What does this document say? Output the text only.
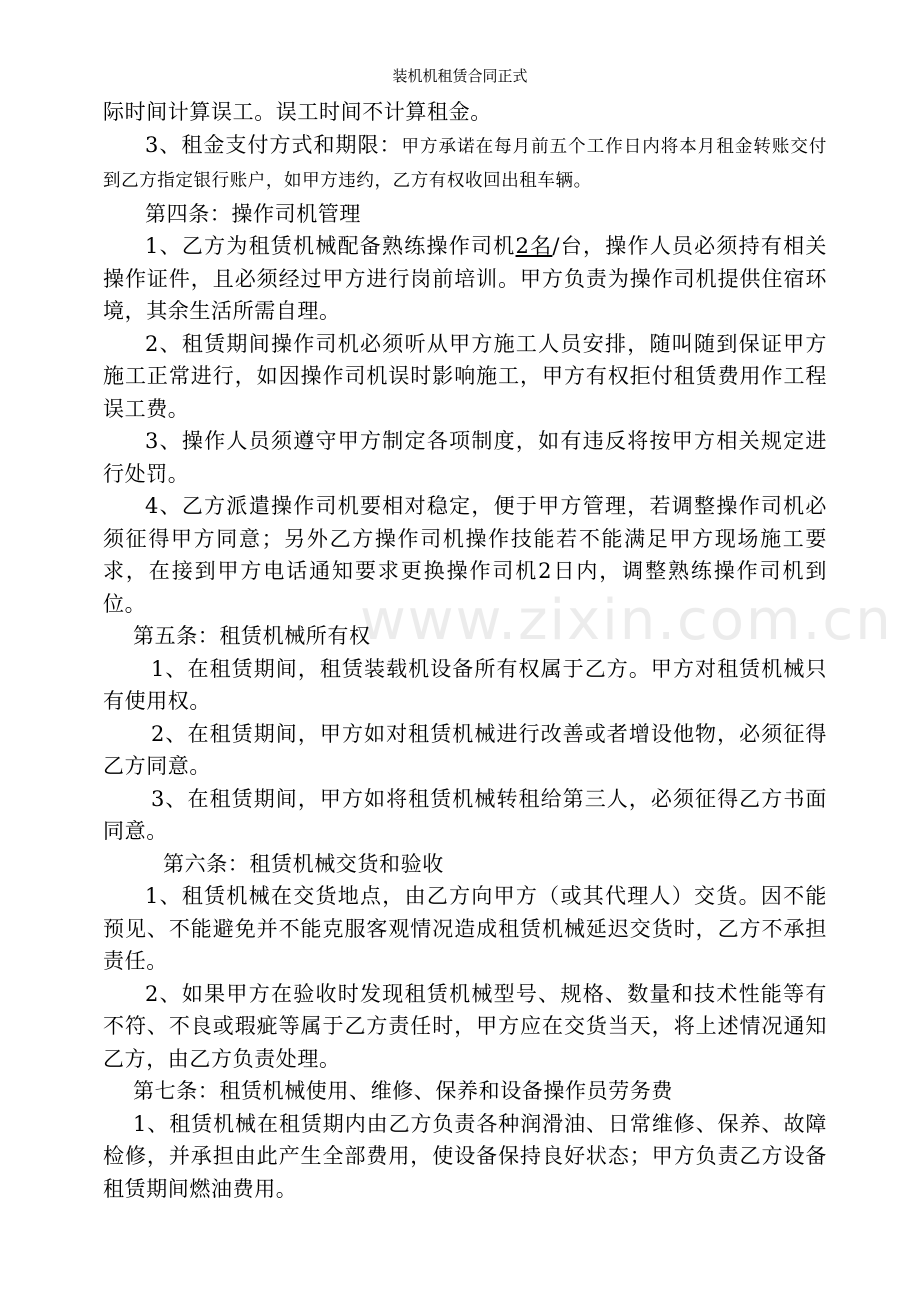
装机机租赁合同正式
www.zixin.com.cn

际时间计算误工。误工时间不计算租金。

3、租金支付方式和期限：甲方承诺在每月前五个工作日内将本月租金转账交付到乙方指定银行账户，如甲方违约，乙方有权收回出租车辆。

第四条：操作司机管理

1、乙方为租赁机械配备熟练操作司机2名/台，操作人员必须持有相关操作证件，且必须经过甲方进行岗前培训。甲方负责为操作司机提供住宿环境，其余生活所需自理。

2、租赁期间操作司机必须听从甲方施工人员安排，随叫随到保证甲方施工正常进行，如因操作司机误时影响施工，甲方有权拒付租赁费用作工程误工费。

3、操作人员须遵守甲方制定各项制度，如有违反将按甲方相关规定进行处罚。

4、乙方派遣操作司机要相对稳定，便于甲方管理，若调整操作司机必须征得甲方同意；另外乙方操作司机操作技能若不能满足甲方现场施工要求，在接到甲方电话通知要求更换操作司机2日内，调整熟练操作司机到位。

第五条：租赁机械所有权

1、在租赁期间，租赁装载机设备所有权属于乙方。甲方对租赁机械只有使用权。

2、在租赁期间，甲方如对租赁机械进行改善或者增设他物，必须征得乙方同意。

3、在租赁期间，甲方如将租赁机械转租给第三人，必须征得乙方书面同意。

第六条：租赁机械交货和验收

1、租赁机械在交货地点，由乙方向甲方（或其代理人）交货。因不能预见、不能避免并不能克服客观情况造成租赁机械延迟交货时，乙方不承担责任。

2、如果甲方在验收时发现租赁机械型号、规格、数量和技术性能等有不符、不良或瑕疵等属于乙方责任时，甲方应在交货当天，将上述情况通知乙方，由乙方负责处理。

第七条：租赁机械使用、维修、保养和设备操作员劳务费

1、租赁机械在租赁期内由乙方负责各种润滑油、日常维修、保养、故障检修，并承担由此产生全部费用，使设备保持良好状态；甲方负责乙方设备租赁期间燃油费用。
